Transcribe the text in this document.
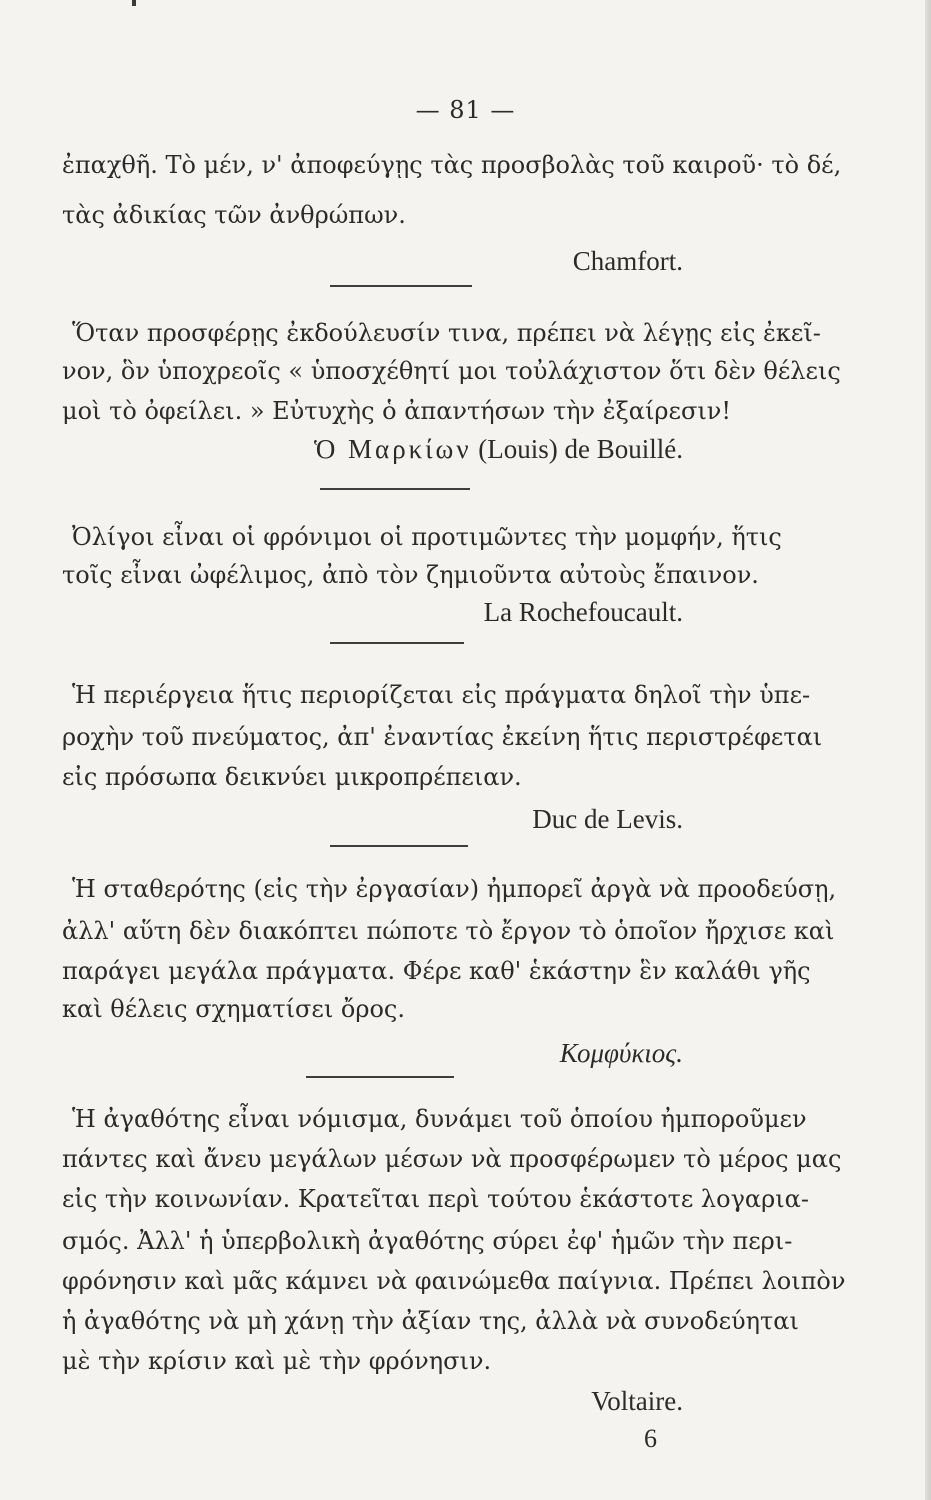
— 81 —
ἐπαχθῆ. Τὸ μέν, ν' ἀποφεύγῃς τὰς προσβολὰς τοῦ καιροῦ· τὸ δέ,
τὰς ἀδικίας τῶν ἀνθρώπων.
Chamfort.
Ὅταν προσφέρῃς ἐκδούλευσίν τινα, πρέπει νὰ λέγῃς εἰς ἐκεῖ-
νον, ὃν ὑποχρεοῖς « ὑποσχέθητί μοι τοὐλάχιστον ὅτι δὲν θέλεις
μοὶ τὸ ὀφείλει. » Εὐτυχὴς ὁ ἀπαντήσων τὴν ἐξαίρεσιν!
Ὁ Μαρκίων (Louis) de Bouillé.
Ὀλίγοι εἶναι οἱ φρόνιμοι οἱ προτιμῶντες τὴν μομφήν, ἥτις
τοῖς εἶναι ὠφέλιμος, ἀπὸ τὸν ζημιοῦντα αὐτοὺς ἔπαινον.
La Rochefoucault.
Ἡ περιέργεια ἥτις περιορίζεται εἰς πράγματα δηλοῖ τὴν ὑπε-
ροχὴν τοῦ πνεύματος, ἀπ' ἐναντίας ἐκείνη ἥτις περιστρέφεται
εἰς πρόσωπα δεικνύει μικροπρέπειαν.
Duc de Levis.
Ἡ σταθερότης (εἰς τὴν ἐργασίαν) ἠμπορεῖ ἀργὰ νὰ προοδεύσῃ,
ἀλλ' αὕτη δὲν διακόπτει πώποτε τὸ ἔργον τὸ ὁποῖον ἤρχισε καὶ
παράγει μεγάλα πράγματα. Φέρε καθ' ἑκάστην ἓν καλάθι γῆς
καὶ θέλεις σχηματίσει ὄρος.
Κομφύκιος.
Ἡ ἀγαθότης εἶναι νόμισμα, δυνάμει τοῦ ὁποίου ἠμποροῦμεν
πάντες καὶ ἄνευ μεγάλων μέσων νὰ προσφέρωμεν τὸ μέρος μας
εἰς τὴν κοινωνίαν. Κρατεῖται περὶ τούτου ἑκάστοτε λογαρια-
σμός. Ἀλλ' ἡ ὑπερβολικὴ ἀγαθότης σύρει ἐφ' ἡμῶν τὴν περι-
φρόνησιν καὶ μᾶς κάμνει νὰ φαινώμεθα παίγνια. Πρέπει λοιπὸν
ἡ ἀγαθότης νὰ μὴ χάνῃ τὴν ἀξίαν της, ἀλλὰ νὰ συνοδεύηται
μὲ τὴν κρίσιν καὶ μὲ τὴν φρόνησιν.
Voltaire.
6
